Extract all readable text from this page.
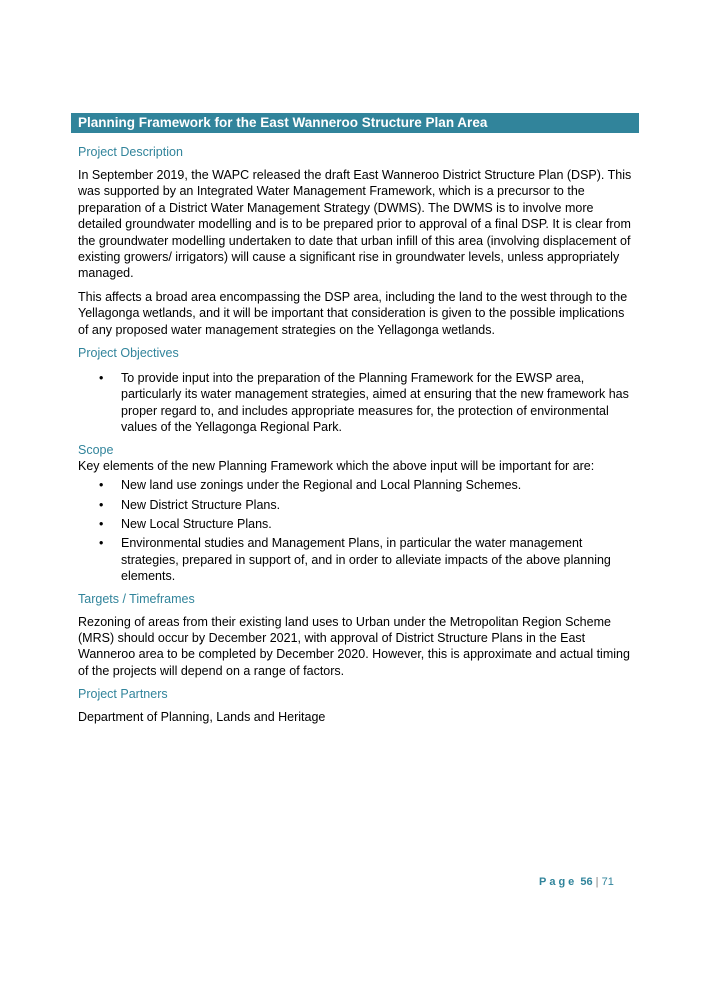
Planning Framework for the East Wanneroo Structure Plan Area
Project Description

In September 2019, the WAPC released the draft East Wanneroo District Structure Plan (DSP). This was supported by an Integrated Water Management Framework, which is a precursor to the preparation of a District Water Management Strategy (DWMS). The DWMS is to involve more detailed groundwater modelling and is to be prepared prior to approval of a final DSP. It is clear from the groundwater modelling undertaken to date that urban infill of this area (involving displacement of existing growers/ irrigators) will cause a significant rise in groundwater levels, unless appropriately managed.

This affects a broad area encompassing the DSP area, including the land to the west through to the Yellagonga wetlands, and it will be important that consideration is given to the possible implications of any proposed water management strategies on the Yellagonga wetlands.

Project Objectives
• To provide input into the preparation of the Planning Framework for the EWSP area, particularly its water management strategies, aimed at ensuring that the new framework has proper regard to, and includes appropriate measures for, the protection of environmental values of the Yellagonga Regional Park.
Scope

Key elements of the new Planning Framework which the above input will be important for are:

• New land use zonings under the Regional and Local Planning Schemes.
• New District Structure Plans.
• New Local Structure Plans.
• Environmental studies and Management Plans, in particular the water management strategies, prepared in support of, and in order to alleviate impacts of the above planning elements.
Targets / Timeframes

Rezoning of areas from their existing land uses to Urban under the Metropolitan Region Scheme (MRS) should occur by December 2021, with approval of District Structure Plans in the East Wanneroo area to be completed by December 2020. However, this is approximate and actual timing of the projects will depend on a range of factors.

Project Partners

Department of Planning, Lands and Heritage

Page 56 | 71
